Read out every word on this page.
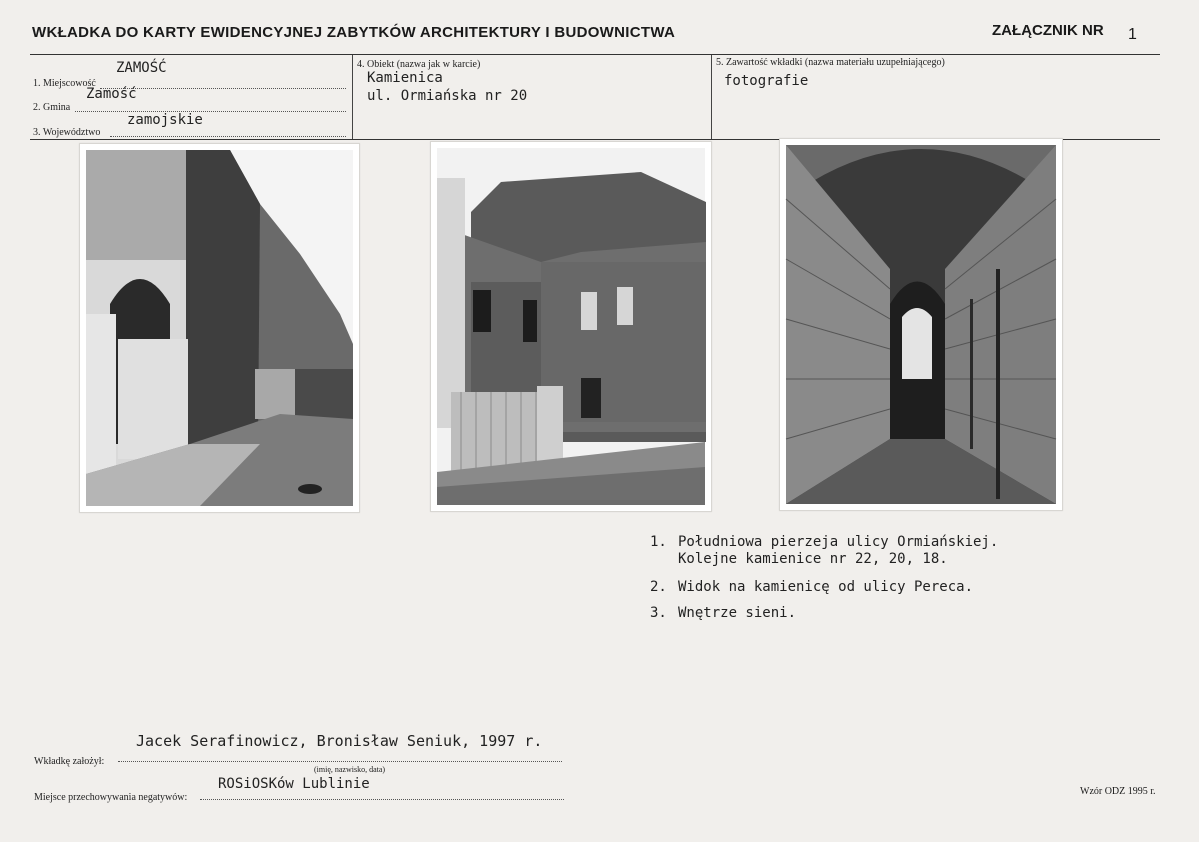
WKŁADKA DO KARTY EWIDENCYJNEJ ZABYTKÓW ARCHITEKTURY I BUDOWNICTWA	ZAŁĄCZNIK NR 1
ZAMOŚĆ
1. Miejscowość
Zamość
2. Gmina
zamojskie
3. Województwo
4. Obiekt (nazwa jak w karcie)
Kamienica
ul. Ormiańska nr 20
5. Zawartość wkładki (nazwa materiału uzupełniającego)
fotografie
1. Południowa pierzeja ulicy Ormiańskiej.
Kolejne kamienice nr 22, 20, 18.
2. Widok na kamienicę od ulicy Pereca.
3. Wnętrze sieni.
Jacek Serafinowicz, Bronisław Seniuk, 1997 r.
Wkładkę założył:
(imię, nazwisko, data)
ROSiOSKów Lublinie
Miejsce przechowywania negatywów:
Wzór ODZ 1995 r.
